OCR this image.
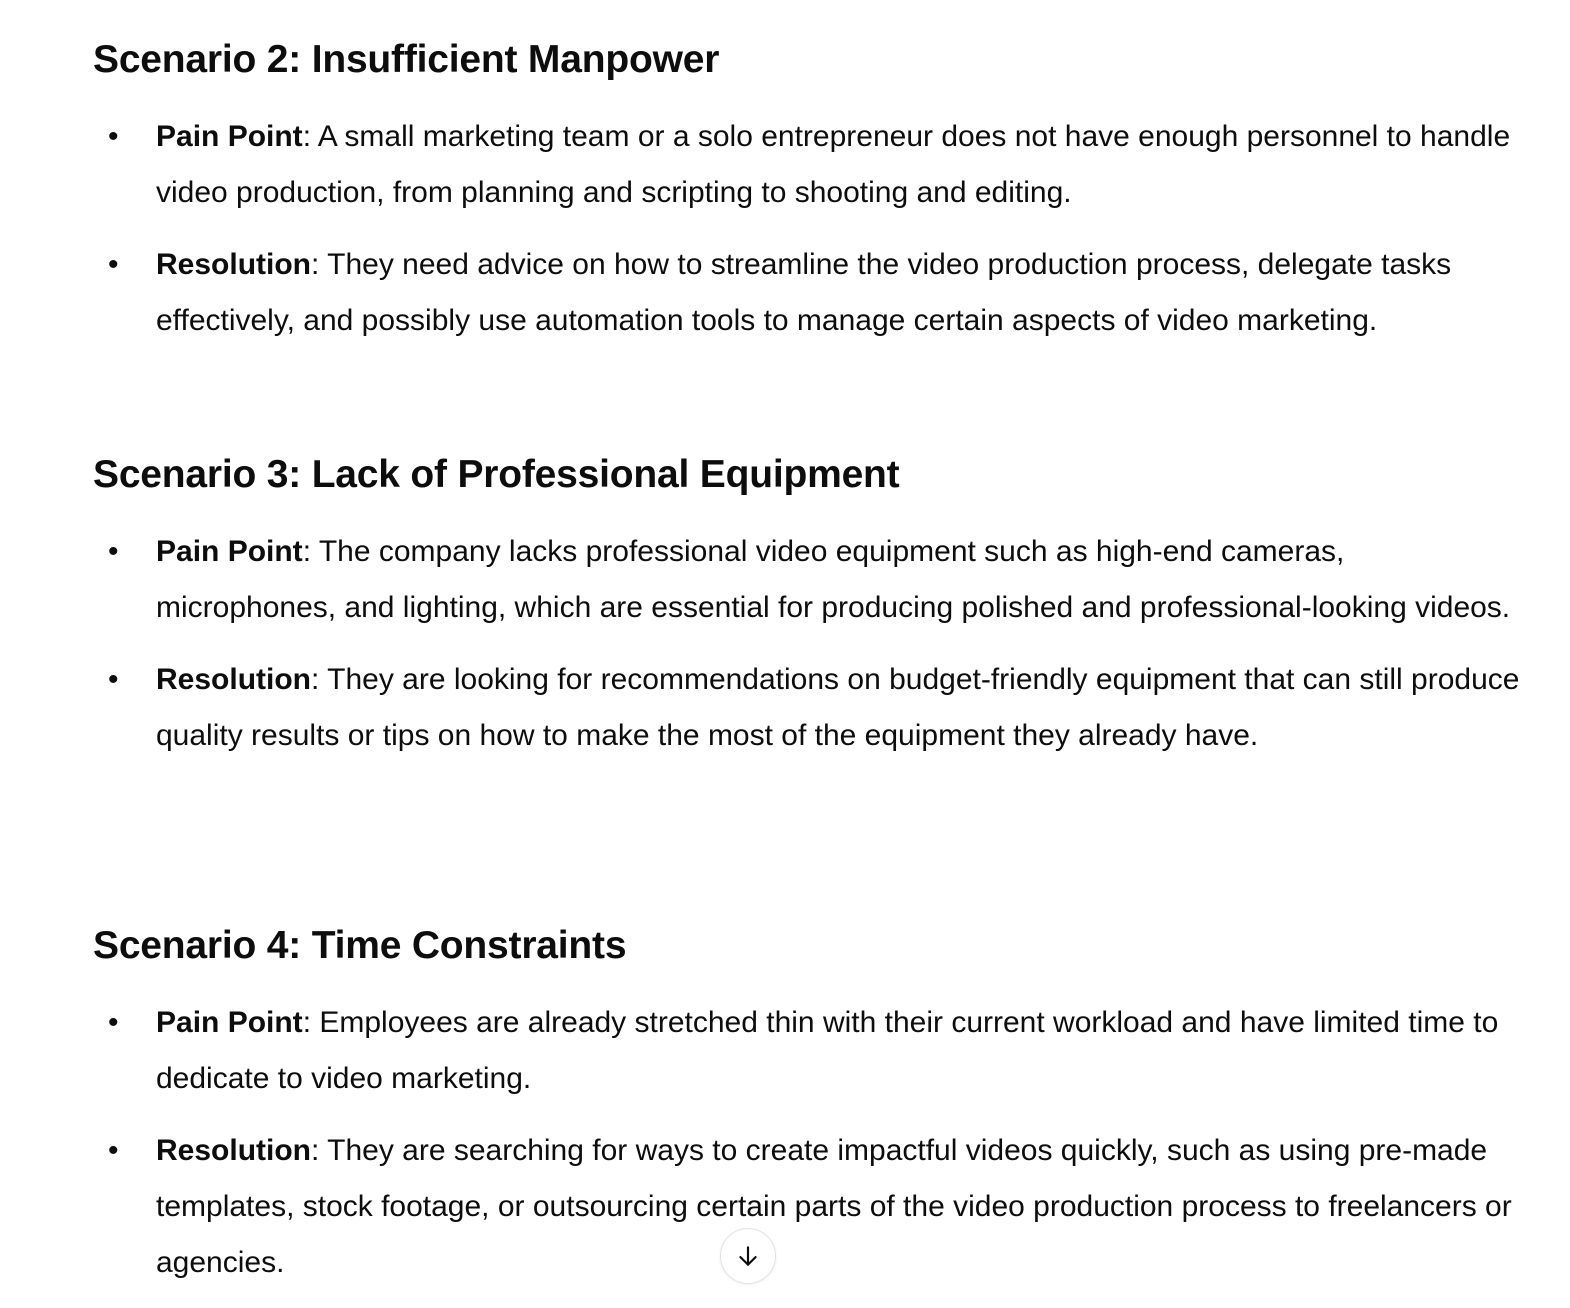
Scenario 2: Insufficient Manpower
• Pain Point: A small marketing team or a solo entrepreneur does not have enough personnel to handle video production, from planning and scripting to shooting and editing.
• Resolution: They need advice on how to streamline the video production process, delegate tasks effectively, and possibly use automation tools to manage certain aspects of video marketing.
Scenario 3: Lack of Professional Equipment
• Pain Point: The company lacks professional video equipment such as high-end cameras, microphones, and lighting, which are essential for producing polished and professional-looking videos.
• Resolution: They are looking for recommendations on budget-friendly equipment that can still produce quality results or tips on how to make the most of the equipment they already have.
Scenario 4: Time Constraints
• Pain Point: Employees are already stretched thin with their current workload and have limited time to dedicate to video marketing.
• Resolution: They are searching for ways to create impactful videos quickly, such as using pre-made templates, stock footage, or outsourcing certain parts of the video production process to freelancers or agencies.
